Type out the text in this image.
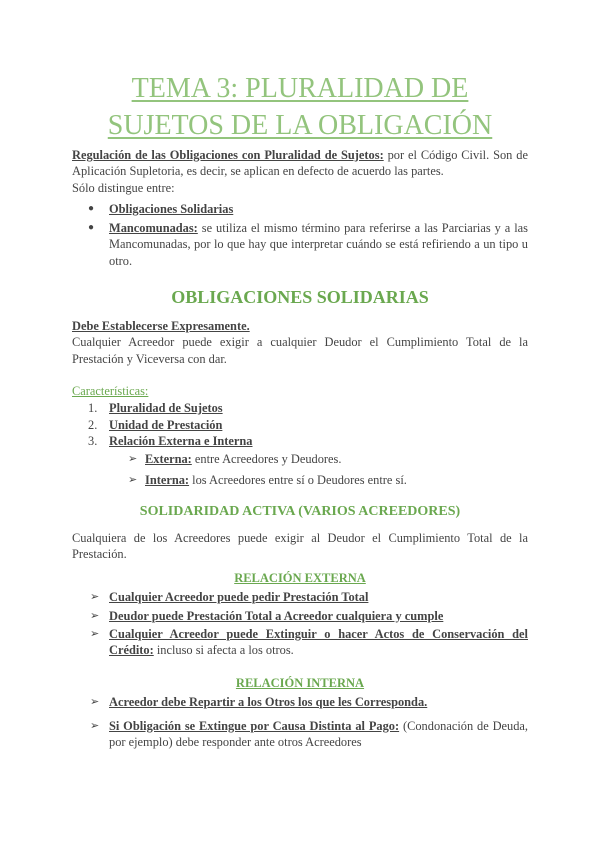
TEMA 3: PLURALIDAD DE
SUJETOS DE LA OBLIGACIÓN

Regulación de las Obligaciones con Pluralidad de Sujetos: por el Código Civil. Son de Aplicación Supletoria, es decir, se aplican en defecto de acuerdo las partes.

Sólo distingue entre:

● Obligaciones Solidarias
● Mancomunadas: se utiliza el mismo término para referirse a las Parciarias y a las Mancomunadas, por lo que hay que interpretar cuándo se está refiriendo a un tipo u otro.
OBLIGACIONES SOLIDARIAS

Debe Establecerse Expresamente.

Cualquier Acreedor puede exigir a cualquier Deudor el Cumplimiento Total de la Prestación y Viceversa con dar.

Características:

1. Pluralidad de Sujetos
2. Unidad de Prestación
3. Relación Externa e Interna
➢ Externa: entre Acreedores y Deudores.
➢ Interna: los Acreedores entre sí o Deudores entre sí.
SOLIDARIDAD ACTIVA (VARIOS ACREEDORES)

Cualquiera de los Acreedores puede exigir al Deudor el Cumplimiento Total de la Prestación.

RELACIÓN EXTERNA
➢ Cualquier Acreedor puede pedir Prestación Total
➢ Deudor puede Prestación Total a Acreedor cualquiera y cumple
➢ Cualquier Acreedor puede Extinguir o hacer Actos de Conservación del Crédito: incluso si afecta a los otros.
RELACIÓN INTERNA
➢ Acreedor debe Repartir a los Otros los que les Corresponda.
➢ Si Obligación se Extingue por Causa Distinta al Pago: (Condonación de Deuda, por ejemplo) debe responder ante otros Acreedores
